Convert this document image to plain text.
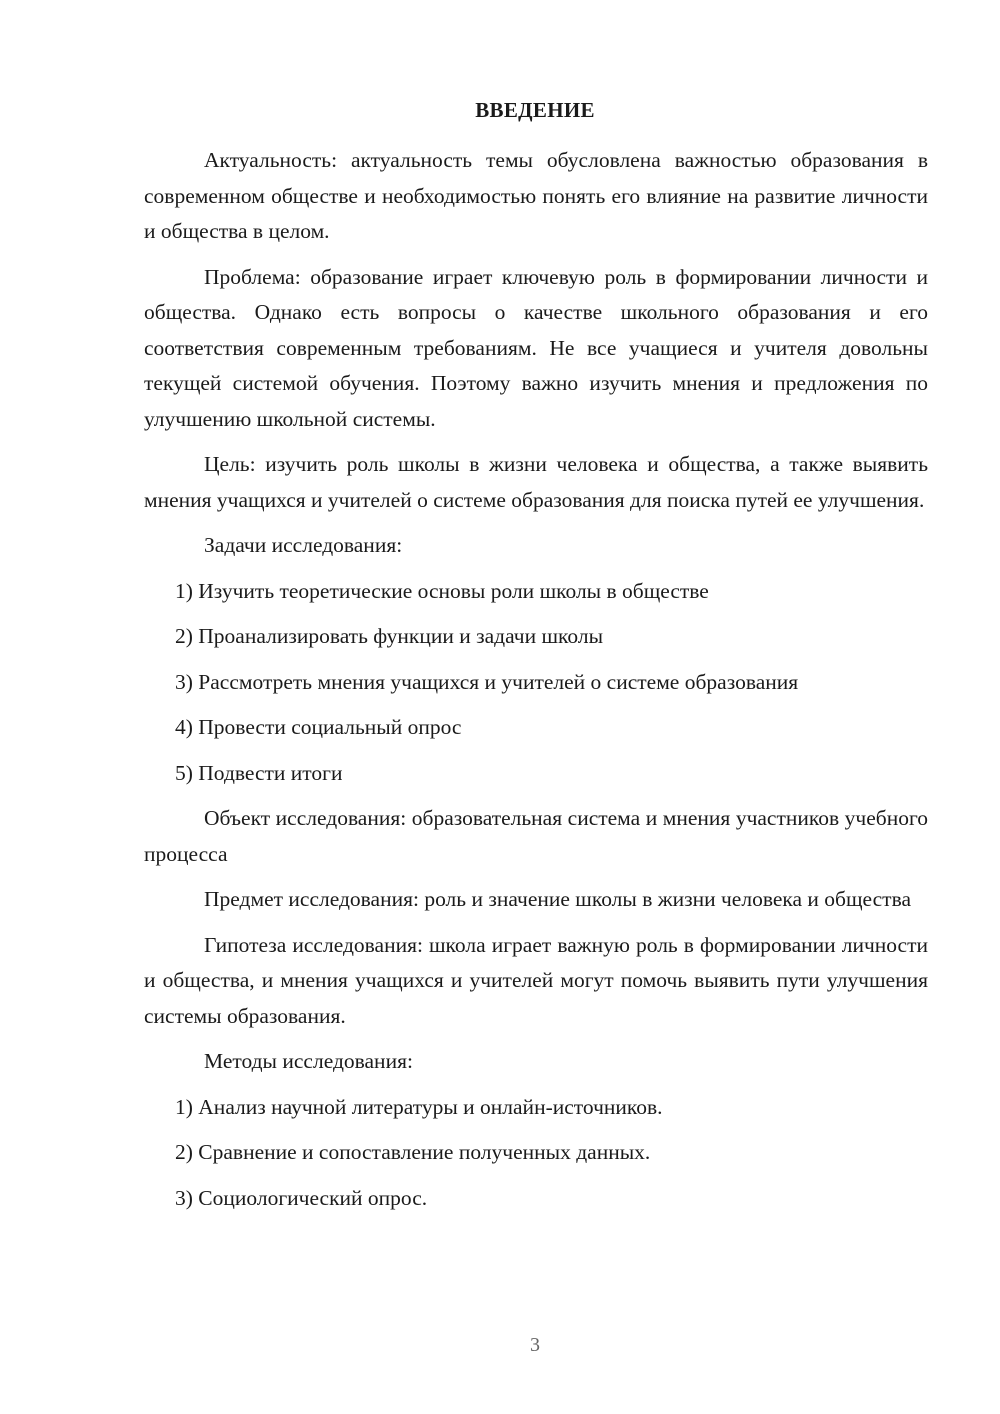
ВВЕДЕНИЕ

Актуальность: актуальность темы обусловлена важностью образования в современном обществе и необходимостью понять его влияние на развитие личности и общества в целом.

Проблема: образование играет ключевую роль в формировании личности и общества. Однако есть вопросы о качестве школьного образования и его соответствия современным требованиям. Не все учащиеся и учителя довольны текущей системой обучения. Поэтому важно изучить мнения и предложения по улучшению школьной системы.

Цель: изучить роль школы в жизни человека и общества, а также выявить мнения учащихся и учителей о системе образования для поиска путей ее улучшения.

Задачи исследования:

1) Изучить теоретические основы роли школы в обществе
2) Проанализировать функции и задачи школы
3) Рассмотреть мнения учащихся и учителей о системе образования
4) Провести социальный опрос
5) Подвести итоги

Объект исследования: образовательная система и мнения участников учебного процесса

Предмет исследования: роль и значение школы в жизни человека и общества

Гипотеза исследования: школа играет важную роль в формировании личности и общества, и мнения учащихся и учителей могут помочь выявить пути улучшения системы образования.

Методы исследования:

1) Анализ научной литературы и онлайн-источников.
2) Сравнение и сопоставление полученных данных.
3) Социологический опрос.
3
